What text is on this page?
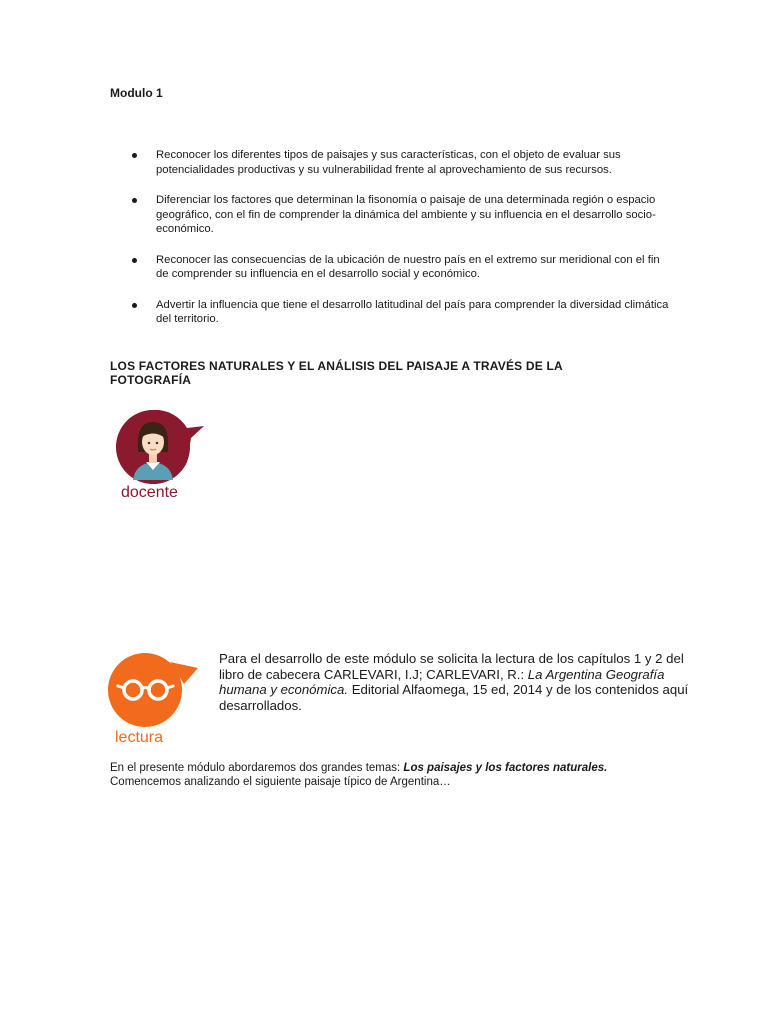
Modulo 1

Reconocer los diferentes tipos de paisajes y sus características, con el objeto de evaluar sus potencialidades productivas y su vulnerabilidad frente al aprovechamiento de sus recursos.
Diferenciar los factores que determinan la fisonomía o paisaje de una determinada región o espacio geográfico, con el fin de comprender la dinámica del ambiente y su influencia en el desarrollo socio-económico.
Reconocer las consecuencias de la ubicación de nuestro país en el extremo sur meridional con el fin de comprender su influencia en el desarrollo social y económico.
Advertir la influencia que tiene el desarrollo latitudinal del país para comprender la diversidad climática del territorio.
LOS FACTORES NATURALES Y EL ANÁLISIS DEL PAISAJE A TRAVÉS DE LA FOTOGRAFÍA
docente
lectura

Para el desarrollo de este módulo se solicita la lectura de los capítulos 1 y 2 del libro de cabecera CARLEVARI, I.J; CARLEVARI, R.: La Argentina Geografía humana y económica. Editorial Alfaomega, 15 ed, 2014 y de los contenidos aquí desarrollados.

En el presente módulo abordaremos dos grandes temas: Los paisajes y los factores naturales.
Comencemos analizando el siguiente paisaje típico de Argentina…
